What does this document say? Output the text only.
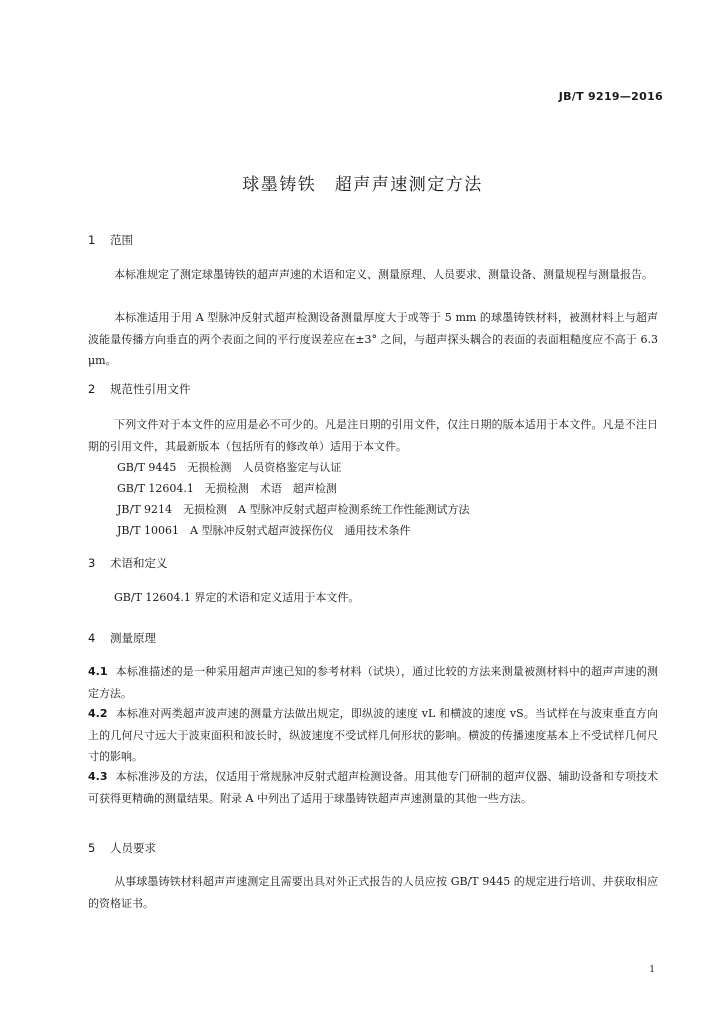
JB/T 9219—2016
球墨铸铁　超声声速测定方法
1 范围
本标准规定了测定球墨铸铁的超声声速的术语和定义、测量原理、人员要求、测量设备、测量规程与测量报告。
本标准适用于用 A 型脉冲反射式超声检测设备测量厚度大于或等于 5 mm 的球墨铸铁材料，被测材料上与超声波能量传播方向垂直的两个表面之间的平行度误差应在±3° 之间，与超声探头耦合的表面的表面粗糙度应不高于 6.3 μm。
2 规范性引用文件
下列文件对于本文件的应用是必不可少的。凡是注日期的引用文件，仅注日期的版本适用于本文件。凡是不注日期的引用文件，其最新版本（包括所有的修改单）适用于本文件。
GB/T 9445　无损检测　人员资格鉴定与认证
GB/T 12604.1　无损检测　术语　超声检测
JB/T 9214　无损检测　A 型脉冲反射式超声检测系统工作性能测试方法
JB/T 10061　A 型脉冲反射式超声波探伤仪　通用技术条件
3 术语和定义
GB/T 12604.1 界定的术语和定义适用于本文件。
4 测量原理
4.1 本标准描述的是一种采用超声声速已知的参考材料（试块），通过比较的方法来测量被测材料中的超声声速的测定方法。
4.2 本标准对两类超声波声速的测量方法做出规定，即纵波的速度 vL 和横波的速度 vS。当试样在与波束垂直方向上的几何尺寸远大于波束面积和波长时，纵波速度不受试样几何形状的影响。横波的传播速度基本上不受试样几何尺寸的影响。
4.3 本标准涉及的方法，仅适用于常规脉冲反射式超声检测设备。用其他专门研制的超声仪器、辅助设备和专项技术可获得更精确的测量结果。附录 A 中列出了适用于球墨铸铁超声声速测量的其他一些方法。
5 人员要求
从事球墨铸铁材料超声声速测定且需要出具对外正式报告的人员应按 GB/T 9445 的规定进行培训、并获取相应的资格证书。
1
